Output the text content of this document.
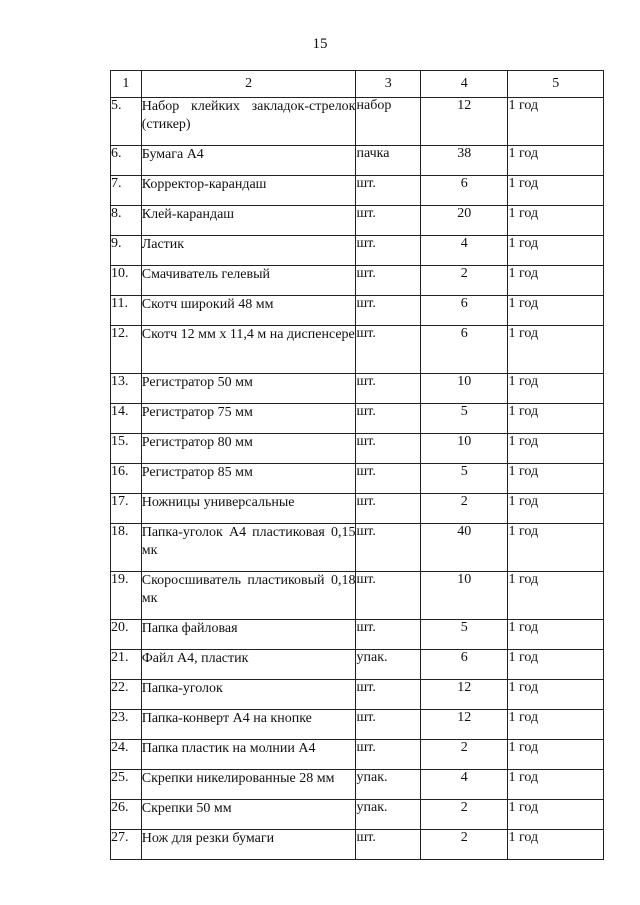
15
1	2	3	4	5
5.	Набор клейких закладок-стрелок (стикер)	набор	12	1 год
6.	Бумага А4	пачка	38	1 год
7.	Корректор-карандаш	шт.	6	1 год
8.	Клей-карандаш	шт.	20	1 год
9.	Ластик	шт.	4	1 год
10.	Смачиватель гелевый	шт.	2	1 год
11.	Скотч широкий 48 мм	шт.	6	1 год
12.	Скотч 12 мм х 11,4 м на диспенсере	шт.	6	1 год
13.	Регистратор 50 мм	шт.	10	1 год
14.	Регистратор 75 мм	шт.	5	1 год
15.	Регистратор 80 мм	шт.	10	1 год
16.	Регистратор 85 мм	шт.	5	1 год
17.	Ножницы универсальные	шт.	2	1 год
18.	Папка-уголок А4 пластиковая 0,15 мк	шт.	40	1 год
19.	Скоросшиватель пластиковый 0,18 мк	шт.	10	1 год
20.	Папка файловая	шт.	5	1 год
21.	Файл А4, пластик	упак.	6	1 год
22.	Папка-уголок	шт.	12	1 год
23.	Папка-конверт А4 на кнопке	шт.	12	1 год
24.	Папка пластик на молнии А4	шт.	2	1 год
25.	Скрепки никелированные 28 мм	упак.	4	1 год
26.	Скрепки 50 мм	упак.	2	1 год
27.	Нож для резки бумаги	шт.	2	1 год
